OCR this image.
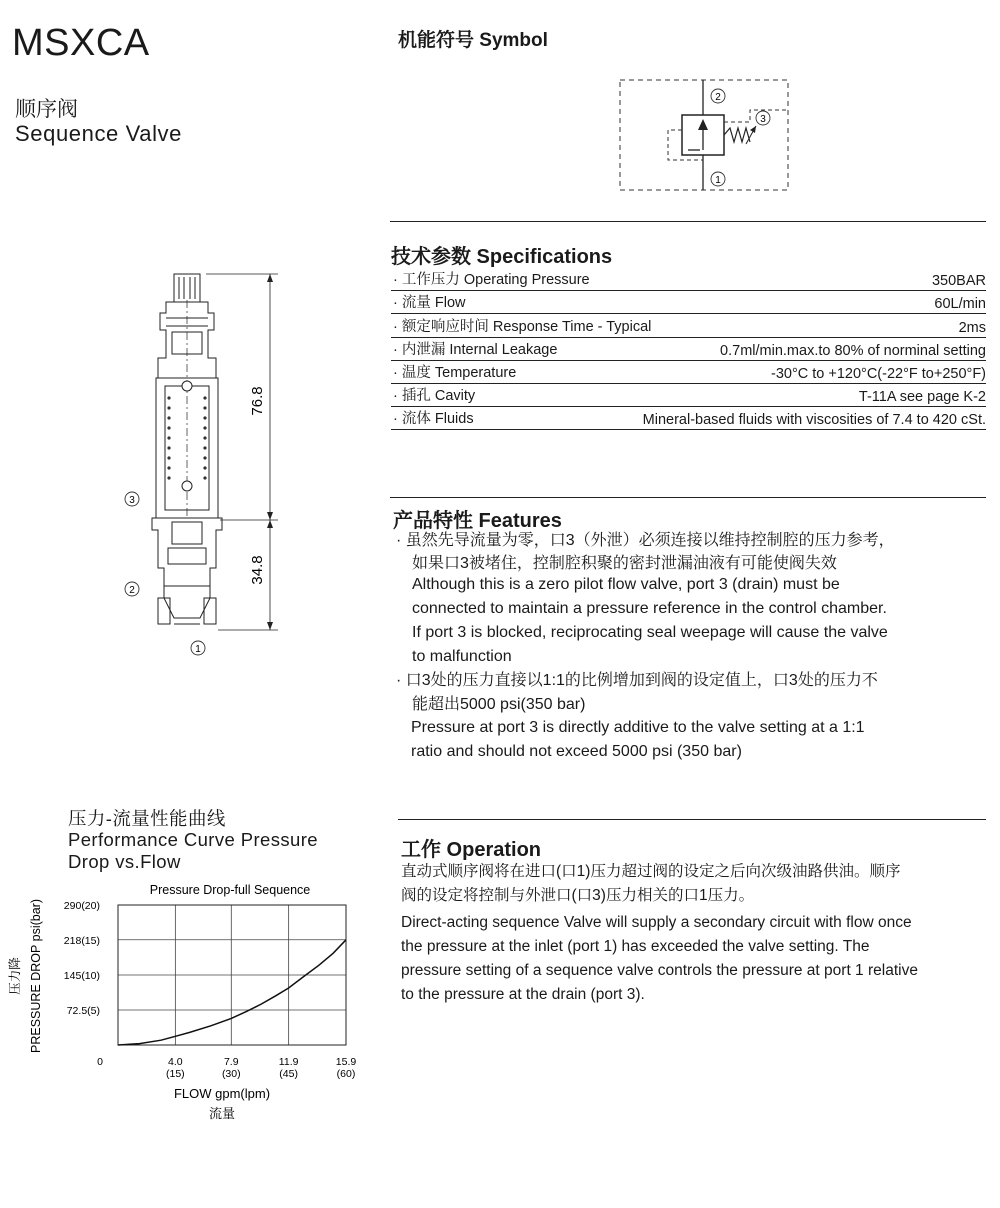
MSXCA
顺序阀
Sequence Valve
机能符号 Symbol
2
3
1
技术参数 Specifications
· 工作压力 Operating Pressure	350BAR
· 流量 Flow	60L/min
· 额定响应时间 Response Time - Typical	2ms
· 内泄漏 Internal Leakage	0.7ml/min.max.to 80% of norminal setting
· 温度 Temperature	-30°C to +120°C(-22°F to+250°F)
· 插孔 Cavity	T-11A see page K-2
· 流体 Fluids	Mineral-based fluids with viscosities of 7.4 to 420 cSt.
产品特性 Features
· 虽然先导流量为零，口3（外泄）必须连接以维持控制腔的压力参考，
如果口3被堵住，控制腔积聚的密封泄漏油液有可能使阀失效
Although this is a zero pilot flow valve, port 3 (drain) must be
connected to maintain a pressure reference in the control chamber.
If port 3 is blocked, reciprocating seal weepage will cause the valve
to malfunction
· 口3处的压力直接以1:1的比例增加到阀的设定值上，口3处的压力不
能超出5000 psi(350 bar)
Pressure at port 3 is directly additive to the valve setting at a 1:1
ratio and should not exceed 5000 psi (350 bar)
工作 Operation
直动式顺序阀将在进口(口1)压力超过阀的设定之后向次级油路供油。顺序
阀的设定将控制与外泄口(口3)压力相关的口1压力。
Direct-acting sequence Valve will supply a secondary circuit with flow once
the pressure at the inlet (port 1) has exceeded the valve setting. The
pressure setting of a sequence valve controls the pressure at port 1 relative
to the pressure at the drain (port 3).
76.8
34.8
3
2
1
压力-流量性能曲线
Performance Curve Pressure
Drop vs.Flow
Pressure Drop-full Sequence
72.5(5)
145(10)
218(15)
290(20)
4.0
(15)
7.9
(30)
11.9
(45)
15.9
(60)
0
PRESSURE DROP psi(bar)
压力降
FLOW gpm(lpm)
流量
